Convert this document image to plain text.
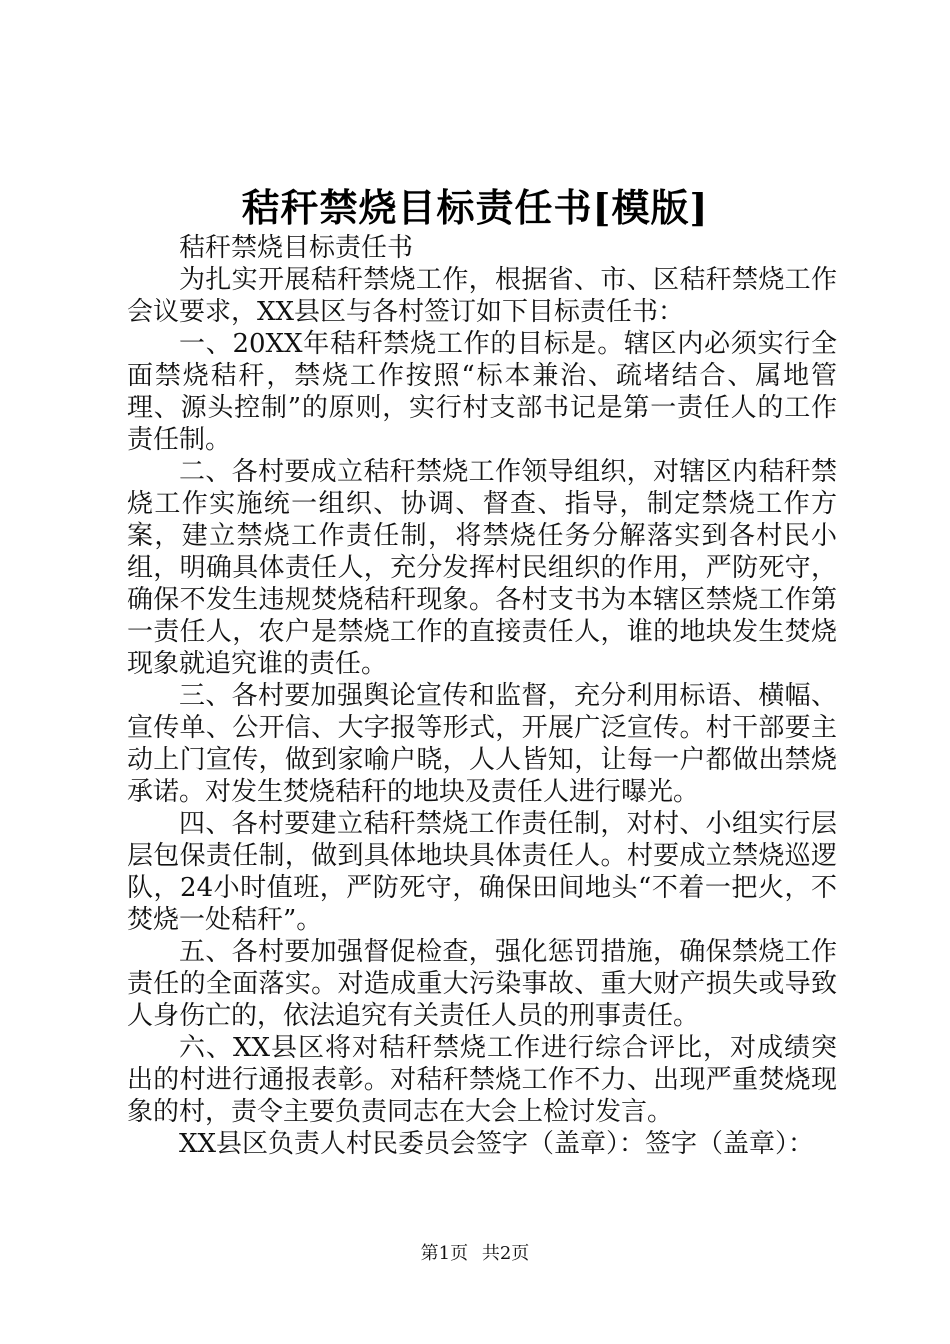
秸秆禁烧目标责任书[模版]

秸秆禁烧目标责任书

为扎实开展秸秆禁烧工作，根据省、市、区秸秆禁烧工作会议要求，XX县区与各村签订如下目标责任书：

一、20XX年秸秆禁烧工作的目标是。辖区内必须实行全面禁烧秸秆，禁烧工作按照“标本兼治、疏堵结合、属地管理、源头控制”的原则，实行村支部书记是第一责任人的工作责任制。

二、各村要成立秸秆禁烧工作领导组织，对辖区内秸秆禁烧工作实施统一组织、协调、督查、指导，制定禁烧工作方案，建立禁烧工作责任制，将禁烧任务分解落实到各村民小组，明确具体责任人，充分发挥村民组织的作用，严防死守，确保不发生违规焚烧秸秆现象。各村支书为本辖区禁烧工作第一责任人，农户是禁烧工作的直接责任人，谁的地块发生焚烧现象就追究谁的责任。

三、各村要加强舆论宣传和监督，充分利用标语、横幅、宣传单、公开信、大字报等形式，开展广泛宣传。村干部要主动上门宣传，做到家喻户晓，人人皆知，让每一户都做出禁烧承诺。对发生焚烧秸秆的地块及责任人进行曝光。

四、各村要建立秸秆禁烧工作责任制，对村、小组实行层层包保责任制，做到具体地块具体责任人。村要成立禁烧巡逻队，24小时值班，严防死守，确保田间地头“不着一把火，不焚烧一处秸秆”。

五、各村要加强督促检查，强化惩罚措施，确保禁烧工作责任的全面落实。对造成重大污染事故、重大财产损失或导致人身伤亡的，依法追究有关责任人员的刑事责任。

六、XX县区将对秸秆禁烧工作进行综合评比，对成绩突出的村进行通报表彰。对秸秆禁烧工作不力、出现严重焚烧现象的村，责令主要负责同志在大会上检讨发言。

XX县区负责人村民委员会签字（盖章）：签字（盖章）：

第1页 共2页
